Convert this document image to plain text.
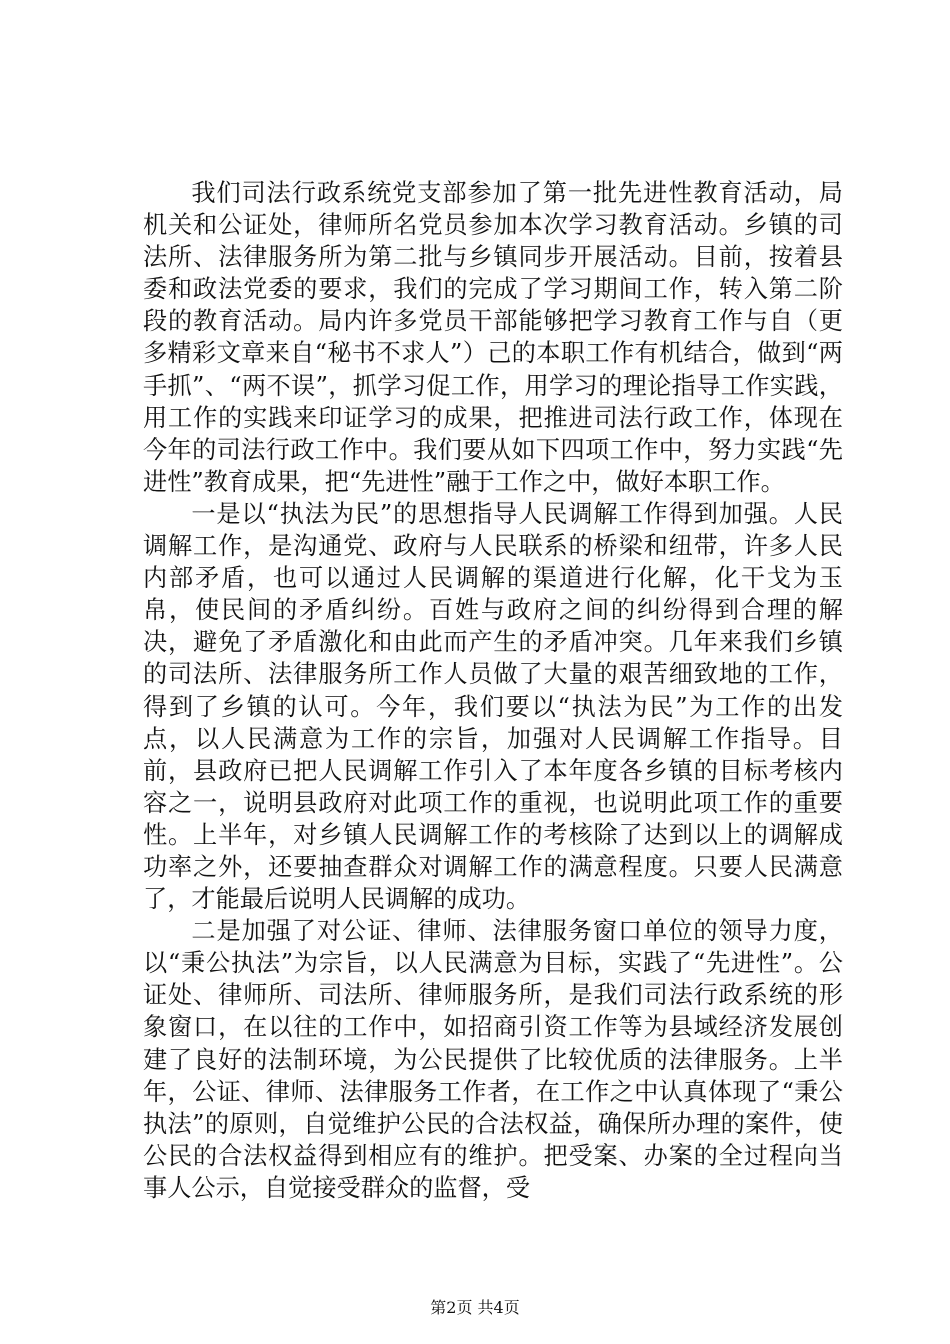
我们司法行政系统党支部参加了第一批先进性教育活动，局机关和公证处，律师所名党员参加本次学习教育活动。乡镇的司法所、法律服务所为第二批与乡镇同步开展活动。目前，按着县委和政法党委的要求，我们的完成了学习期间工作，转入第二阶段的教育活动。局内许多党员干部能够把学习教育工作与自（更多精彩文章来自“秘书不求人”）己的本职工作有机结合，做到“两手抓”、“两不误”，抓学习促工作，用学习的理论指导工作实践，用工作的实践来印证学习的成果，把推进司法行政工作，体现在今年的司法行政工作中。我们要从如下四项工作中，努力实践“先进性”教育成果，把“先进性”融于工作之中，做好本职工作。

一是以“执法为民”的思想指导人民调解工作得到加强。人民调解工作，是沟通党、政府与人民联系的桥梁和纽带，许多人民内部矛盾，也可以通过人民调解的渠道进行化解，化干戈为玉帛，使民间的矛盾纠纷。百姓与政府之间的纠纷得到合理的解决，避免了矛盾激化和由此而产生的矛盾冲突。几年来我们乡镇的司法所、法律服务所工作人员做了大量的艰苦细致地的工作，得到了乡镇的认可。今年，我们要以“执法为民”为工作的出发点，以人民满意为工作的宗旨，加强对人民调解工作指导。目前，县政府已把人民调解工作引入了本年度各乡镇的目标考核内容之一，说明县政府对此项工作的重视，也说明此项工作的重要性。上半年，对乡镇人民调解工作的考核除了达到以上的调解成功率之外，还要抽查群众对调解工作的满意程度。只要人民满意了，才能最后说明人民调解的成功。

二是加强了对公证、律师、法律服务窗口单位的领导力度，以“秉公执法”为宗旨，以人民满意为目标，实践了“先进性”。公证处、律师所、司法所、律师服务所，是我们司法行政系统的形象窗口，在以往的工作中，如招商引资工作等为县域经济发展创建了良好的法制环境，为公民提供了比较优质的法律服务。上半年，公证、律师、法律服务工作者，在工作之中认真体现了“秉公执法”的原则，自觉维护公民的合法权益，确保所办理的案件，使公民的合法权益得到相应有的维护。把受案、办案的全过程向当事人公示，自觉接受群众的监督，受

第2页 共4页
